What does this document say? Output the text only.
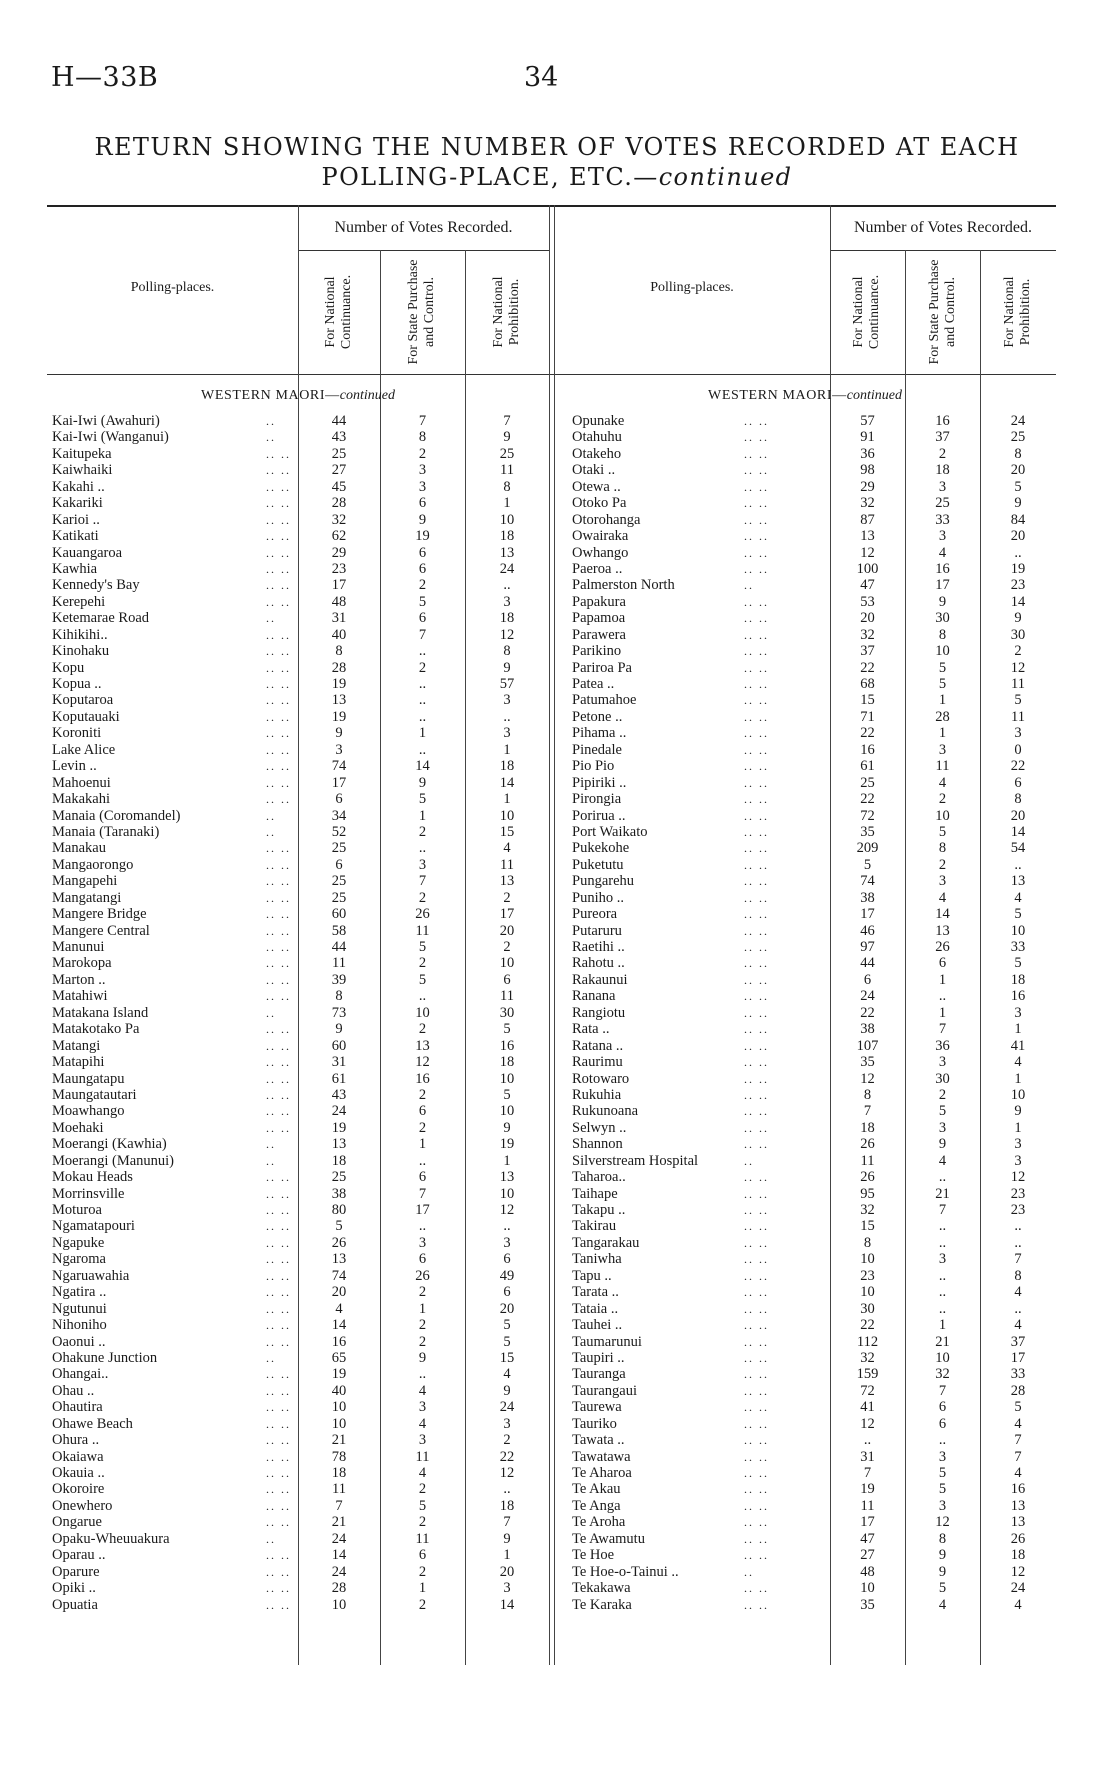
H—33B	34
RETURN SHOWING THE NUMBER OF VOTES RECORDED AT EACH
POLLING-PLACE, ETC.—continued
Number of Votes Recorded.
Polling-places.	For National Continuance.	For State Purchase and Control.	For National Prohibition.
Number of Votes Recorded.
Polling-places.	For National Continuance.	For State Purchase and Control.	For National Prohibition.
WESTERN MAORI—continued	WESTERN MAORI—continued
Kai-Iwi (Awahuri)	..	44	7	7
Kai-Iwi (Wanganui)	..	43	8	9
Kaitupeka	.. ..	25	2	25
Kaiwhaiki	.. ..	27	3	11
Kakahi ..	.. ..	45	3	8
Kakariki	.. ..	28	6	1
Karioi ..	.. ..	32	9	10
Katikati	.. ..	62	19	18
Kauangaroa	.. ..	29	6	13
Kawhia	.. ..	23	6	24
Kennedy's Bay	.. ..	17	2	..
Kerepehi	.. ..	48	5	3
Ketemarae Road	..	31	6	18
Kihikihi..	.. ..	40	7	12
Kinohaku	.. ..	8	..	8
Kopu	.. ..	28	2	9
Kopua ..	.. ..	19	..	57
Koputaroa	.. ..	13	..	3
Koputauaki	.. ..	19	..	..
Koroniti	.. ..	9	1	3
Lake Alice	.. ..	3	..	1
Levin ..	.. ..	74	14	18
Mahoenui	.. ..	17	9	14
Makakahi	.. ..	6	5	1
Manaia (Coromandel)	..	34	1	10
Manaia (Taranaki)	..	52	2	15
Manakau	.. ..	25	..	4
Mangaorongo	.. ..	6	3	11
Mangapehi	.. ..	25	7	13
Mangatangi	.. ..	25	2	2
Mangere Bridge	.. ..	60	26	17
Mangere Central	.. ..	58	11	20
Manunui	.. ..	44	5	2
Marokopa	.. ..	11	2	10
Marton ..	.. ..	39	5	6
Matahiwi	.. ..	8	..	11
Matakana Island	..	73	10	30
Matakotako Pa	.. ..	9	2	5
Matangi	.. ..	60	13	16
Matapihi	.. ..	31	12	18
Maungatapu	.. ..	61	16	10
Maungatautari	.. ..	43	2	5
Moawhango	.. ..	24	6	10
Moehaki	.. ..	19	2	9
Moerangi (Kawhia)	..	13	1	19
Moerangi (Manunui)	..	18	..	1
Mokau Heads	.. ..	25	6	13
Morrinsville	.. ..	38	7	10
Moturoa	.. ..	80	17	12
Ngamatapouri	.. ..	5	..	..
Ngapuke	.. ..	26	3	3
Ngaroma	.. ..	13	6	6
Ngaruawahia	.. ..	74	26	49
Ngatira ..	.. ..	20	2	6
Ngutunui	.. ..	4	1	20
Nihoniho	.. ..	14	2	5
Oaonui ..	.. ..	16	2	5
Ohakune Junction	..	65	9	15
Ohangai..	.. ..	19	..	4
Ohau ..	.. ..	40	4	9
Ohautira	.. ..	10	3	24
Ohawe Beach	.. ..	10	4	3
Ohura ..	.. ..	21	3	2
Okaiawa	.. ..	78	11	22
Okauia ..	.. ..	18	4	12
Okoroire	.. ..	11	2	..
Onewhero	.. ..	7	5	18
Ongarue	.. ..	21	2	7
Opaku-Wheuuakura	..	24	11	9
Oparau ..	.. ..	14	6	1
Oparure	.. ..	24	2	20
Opiki ..	.. ..	28	1	3
Opuatia	.. ..	10	2	14
Opunake	.. ..	57	16	24
Otahuhu	.. ..	91	37	25
Otakeho	.. ..	36	2	8
Otaki ..	.. ..	98	18	20
Otewa ..	.. ..	29	3	5
Otoko Pa	.. ..	32	25	9
Otorohanga	.. ..	87	33	84
Owairaka	.. ..	13	3	20
Owhango	.. ..	12	4	..
Paeroa ..	.. ..	100	16	19
Palmerston North	..	47	17	23
Papakura	.. ..	53	9	14
Papamoa	.. ..	20	30	9
Parawera	.. ..	32	8	30
Parikino	.. ..	37	10	2
Pariroa Pa	.. ..	22	5	12
Patea ..	.. ..	68	5	11
Patumahoe	.. ..	15	1	5
Petone ..	.. ..	71	28	11
Pihama ..	.. ..	22	1	3
Pinedale	.. ..	16	3	0
Pio Pio	.. ..	61	11	22
Pipiriki ..	.. ..	25	4	6
Pirongia	.. ..	22	2	8
Porirua ..	.. ..	72	10	20
Port Waikato	.. ..	35	5	14
Pukekohe	.. ..	209	8	54
Puketutu	.. ..	5	2	..
Pungarehu	.. ..	74	3	13
Puniho ..	.. ..	38	4	4
Pureora	.. ..	17	14	5
Putaruru	.. ..	46	13	10
Raetihi ..	.. ..	97	26	33
Rahotu ..	.. ..	44	6	5
Rakaunui	.. ..	6	1	18
Ranana	.. ..	24	..	16
Rangiotu	.. ..	22	1	3
Rata ..	.. ..	38	7	1
Ratana ..	.. ..	107	36	41
Raurimu	.. ..	35	3	4
Rotowaro	.. ..	12	30	1
Rukuhia	.. ..	8	2	10
Rukunoana	.. ..	7	5	9
Selwyn ..	.. ..	18	3	1
Shannon	.. ..	26	9	3
Silverstream Hospital	..	11	4	3
Taharoa..	.. ..	26	..	12
Taihape	.. ..	95	21	23
Takapu ..	.. ..	32	7	23
Takirau	.. ..	15	..	..
Tangarakau	.. ..	8	..	..
Taniwha	.. ..	10	3	7
Tapu ..	.. ..	23	..	8
Tarata ..	.. ..	10	..	4
Tataia ..	.. ..	30	..	..
Tauhei ..	.. ..	22	1	4
Taumarunui	.. ..	112	21	37
Taupiri ..	.. ..	32	10	17
Tauranga	.. ..	159	32	33
Taurangaui	.. ..	72	7	28
Taurewa	.. ..	41	6	5
Tauriko	.. ..	12	6	4
Tawata ..	.. ..	..	..	7
Tawatawa	.. ..	31	3	7
Te Aharoa	.. ..	7	5	4
Te Akau	.. ..	19	5	16
Te Anga	.. ..	11	3	13
Te Aroha	.. ..	17	12	13
Te Awamutu	.. ..	47	8	26
Te Hoe	.. ..	27	9	18
Te Hoe-o-Tainui ..	..	48	9	12
Tekakawa	.. ..	10	5	24
Te Karaka	.. ..	35	4	4
